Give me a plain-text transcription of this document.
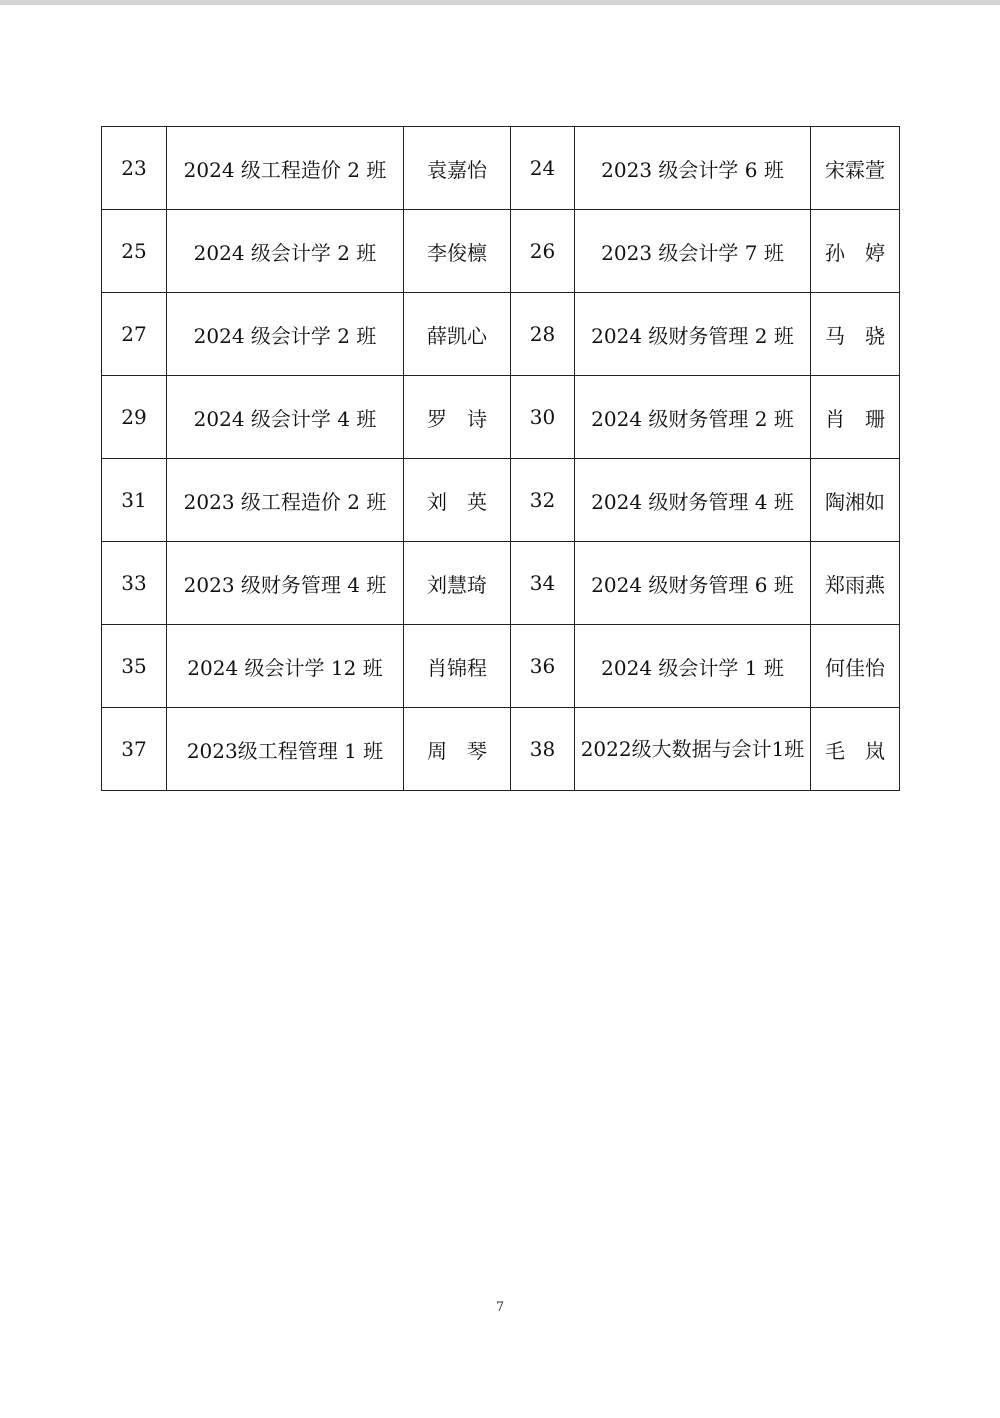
23	2024 级工程造价 2 班	袁嘉怡	24	2023 级会计学 6 班	宋霖萱
25	2024 级会计学 2 班	李俊檩	26	2023 级会计学 7 班	孙　婷
27	2024 级会计学 2 班	薛凯心	28	2024 级财务管理 2 班	马　骁
29	2024 级会计学 4 班	罗　诗	30	2024 级财务管理 2 班	肖　珊
31	2023 级工程造价 2 班	刘　英	32	2024 级财务管理 4 班	陶湘如
33	2023 级财务管理 4 班	刘慧琦	34	2024 级财务管理 6 班	郑雨燕
35	2024 级会计学 12 班	肖锦程	36	2024 级会计学 1 班	何佳怡
37	2023级工程管理 1 班	周　琴	38	2022级大数据与会计1班	毛　岚
7
